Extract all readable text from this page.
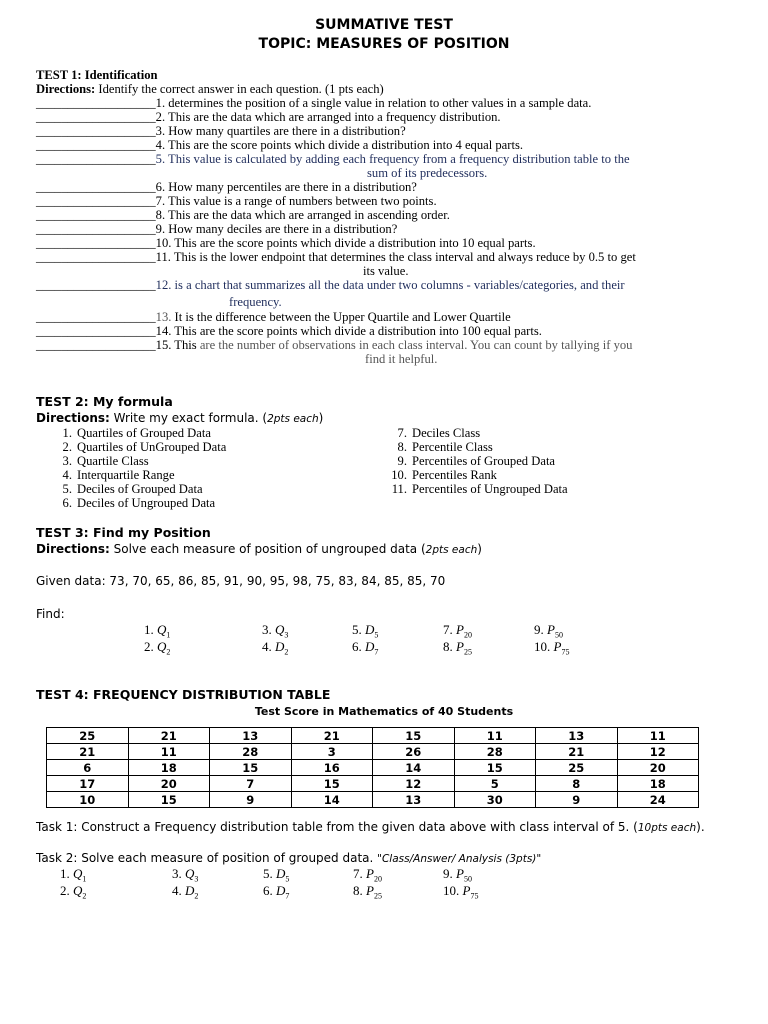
SUMMATIVE TEST
TOPIC: MEASURES OF POSITION
TEST 1: Identification
Directions: Identify the correct answer in each question. (1 pts each)
___________________1. determines the position of a single value in relation to other values in a sample data.
___________________2. This are the data which are arranged into a frequency distribution.
___________________3. How many quartiles are there in a distribution?
___________________4. This are the score points which divide a distribution into 4 equal parts.
___________________5. This value is calculated by adding each frequency from a frequency distribution table to the
sum of its predecessors.
___________________6. How many percentiles are there in a distribution?
___________________7. This value is a range of numbers between two points.
___________________8. This are the data which are arranged in ascending order.
___________________9. How many deciles are there in a distribution?
___________________10. This are the score points which divide a distribution into 10 equal parts.
___________________11. This is the lower endpoint that determines the class interval and always reduce by 0.5 to get
its value.
___________________12. is a chart that summarizes all the data under two columns - variables/categories, and their
frequency.
___________________13. It is the difference between the Upper Quartile and Lower Quartile
___________________14. This are the score points which divide a distribution into 100 equal parts.
___________________15. This are the number of observations in each class interval. You can count by tallying if you
find it helpful.
TEST 2: My formula
Directions: Write my exact formula. (2pts each)
1. Quartiles of Grouped Data
2. Quartiles of UnGrouped Data
3. Quartile Class
4. Interquartile Range
5. Deciles of Grouped Data
6. Deciles of Ungrouped Data
7. Deciles Class
8. Percentile Class
9. Percentiles of Grouped Data
10. Percentiles Rank
11. Percentiles of Ungrouped Data
TEST 3: Find my Position
Directions: Solve each measure of position of ungrouped data (2pts each)
Given data: 73, 70, 65, 86, 85, 91, 90, 95, 98, 75, 83, 84, 85, 85, 70
Find:
1. $Q_1$
2. $Q_2$
3. $Q_3$
4. $D_2$
5. $D_5$
6. $D_7$
7. $P_{20}$
8. $P_{25}$
9. $P_{50}$
10. $P_{75}$
TEST 4: FREQUENCY DISTRIBUTION TABLE
Test Score in Mathematics of 40 Students
25	21	13	21	15	11	13	11
21	11	28	3	26	28	21	12
6	18	15	16	14	15	25	20
17	20	7	15	12	5	8	18
10	15	9	14	13	30	9	24
Task 1: Construct a Frequency distribution table from the given data above with class interval of 5. (10pts each).
Task 2: Solve each measure of position of grouped data. "Class/Answer/ Analysis (3pts)"
1. $Q_1$
2. $Q_2$
3. $Q_3$
4. $D_2$
5. $D_5$
6. $D_7$
7. $P_{20}$
8. $P_{25}$
9. $P_{50}$
10. $P_{75}$
